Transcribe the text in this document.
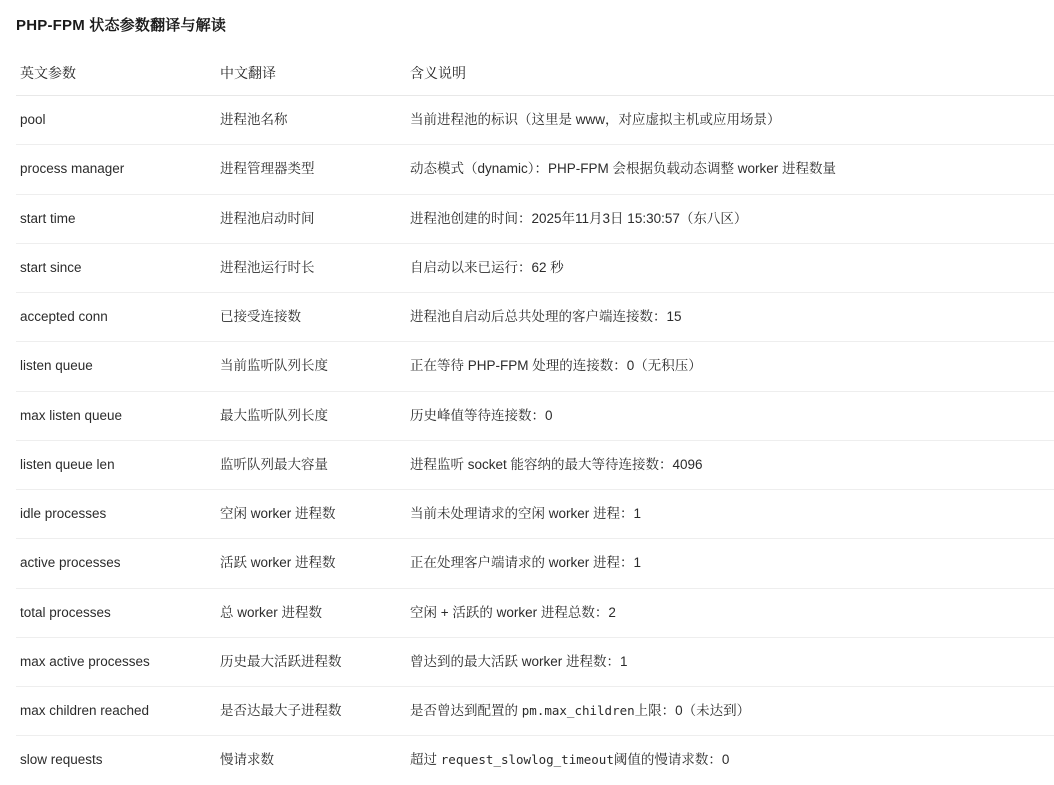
PHP-FPM 状态参数翻译与解读
英文参数	中文翻译	含义说明
pool	进程池名称	当前进程池的标识（这里是 www，对应虚拟主机或应用场景）
process manager	进程管理器类型	动态模式（dynamic）：PHP-FPM 会根据负载动态调整 worker 进程数量
start time	进程池启动时间	进程池创建的时间：2025年11月3日 15:30:57（东八区）
start since	进程池运行时长	自启动以来已运行：62 秒
accepted conn	已接受连接数	进程池自启动后总共处理的客户端连接数：15
listen queue	当前监听队列长度	正在等待 PHP-FPM 处理的连接数：0（无积压）
max listen queue	最大监听队列长度	历史峰值等待连接数：0
listen queue len	监听队列最大容量	进程监听 socket 能容纳的最大等待连接数：4096
idle processes	空闲 worker 进程数	当前未处理请求的空闲 worker 进程：1
active processes	活跃 worker 进程数	正在处理客户端请求的 worker 进程：1
total processes	总 worker 进程数	空闲 + 活跃的 worker 进程总数：2
max active processes	历史最大活跃进程数	曾达到的最大活跃 worker 进程数：1
max children reached	是否达最大子进程数	是否曾达到配置的 pm.max_children上限：0（未达到）
slow requests	慢请求数	超过 request_slowlog_timeout阈值的慢请求数：0
